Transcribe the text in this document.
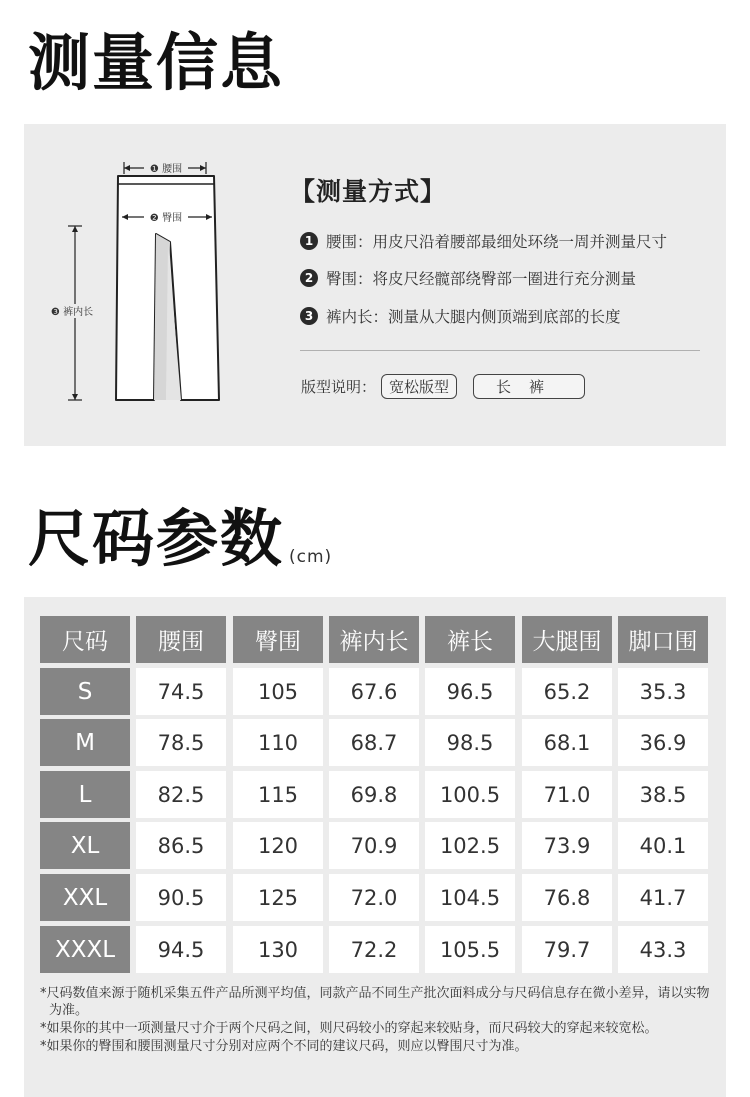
测量信息
❶ 腰围
❷ 臀围
❸ 裤内长
【测量方式】
1 腰围：用皮尺沿着腰部最细处环绕一周并测量尺寸
2 臀围：将皮尺经髋部绕臀部一圈进行充分测量
3 裤内长：测量从大腿内侧顶端到底部的长度
版型说明： 宽松版型	长裤
尺码参数 (cm)
尺码	腰围	臀围	裤内长	裤长	大腿围	脚口围
S	74.5	105	67.6	96.5	65.2	35.3
M	78.5	110	68.7	98.5	68.1	36.9
L	82.5	115	69.8	100.5	71.0	38.5
XL	86.5	120	70.9	102.5	73.9	40.1
XXL	90.5	125	72.0	104.5	76.8	41.7
XXXL	94.5	130	72.2	105.5	79.7	43.3

*尺码数值来源于随机采集五件产品所测平均值，同款产品不同生产批次面料成分与尺码信息存在微小差异，请以实物为准。

*如果你的其中一项测量尺寸介于两个尺码之间，则尺码较小的穿起来较贴身，而尺码较大的穿起来较宽松。

*如果你的臀围和腰围测量尺寸分别对应两个不同的建议尺码，则应以臀围尺寸为准。
